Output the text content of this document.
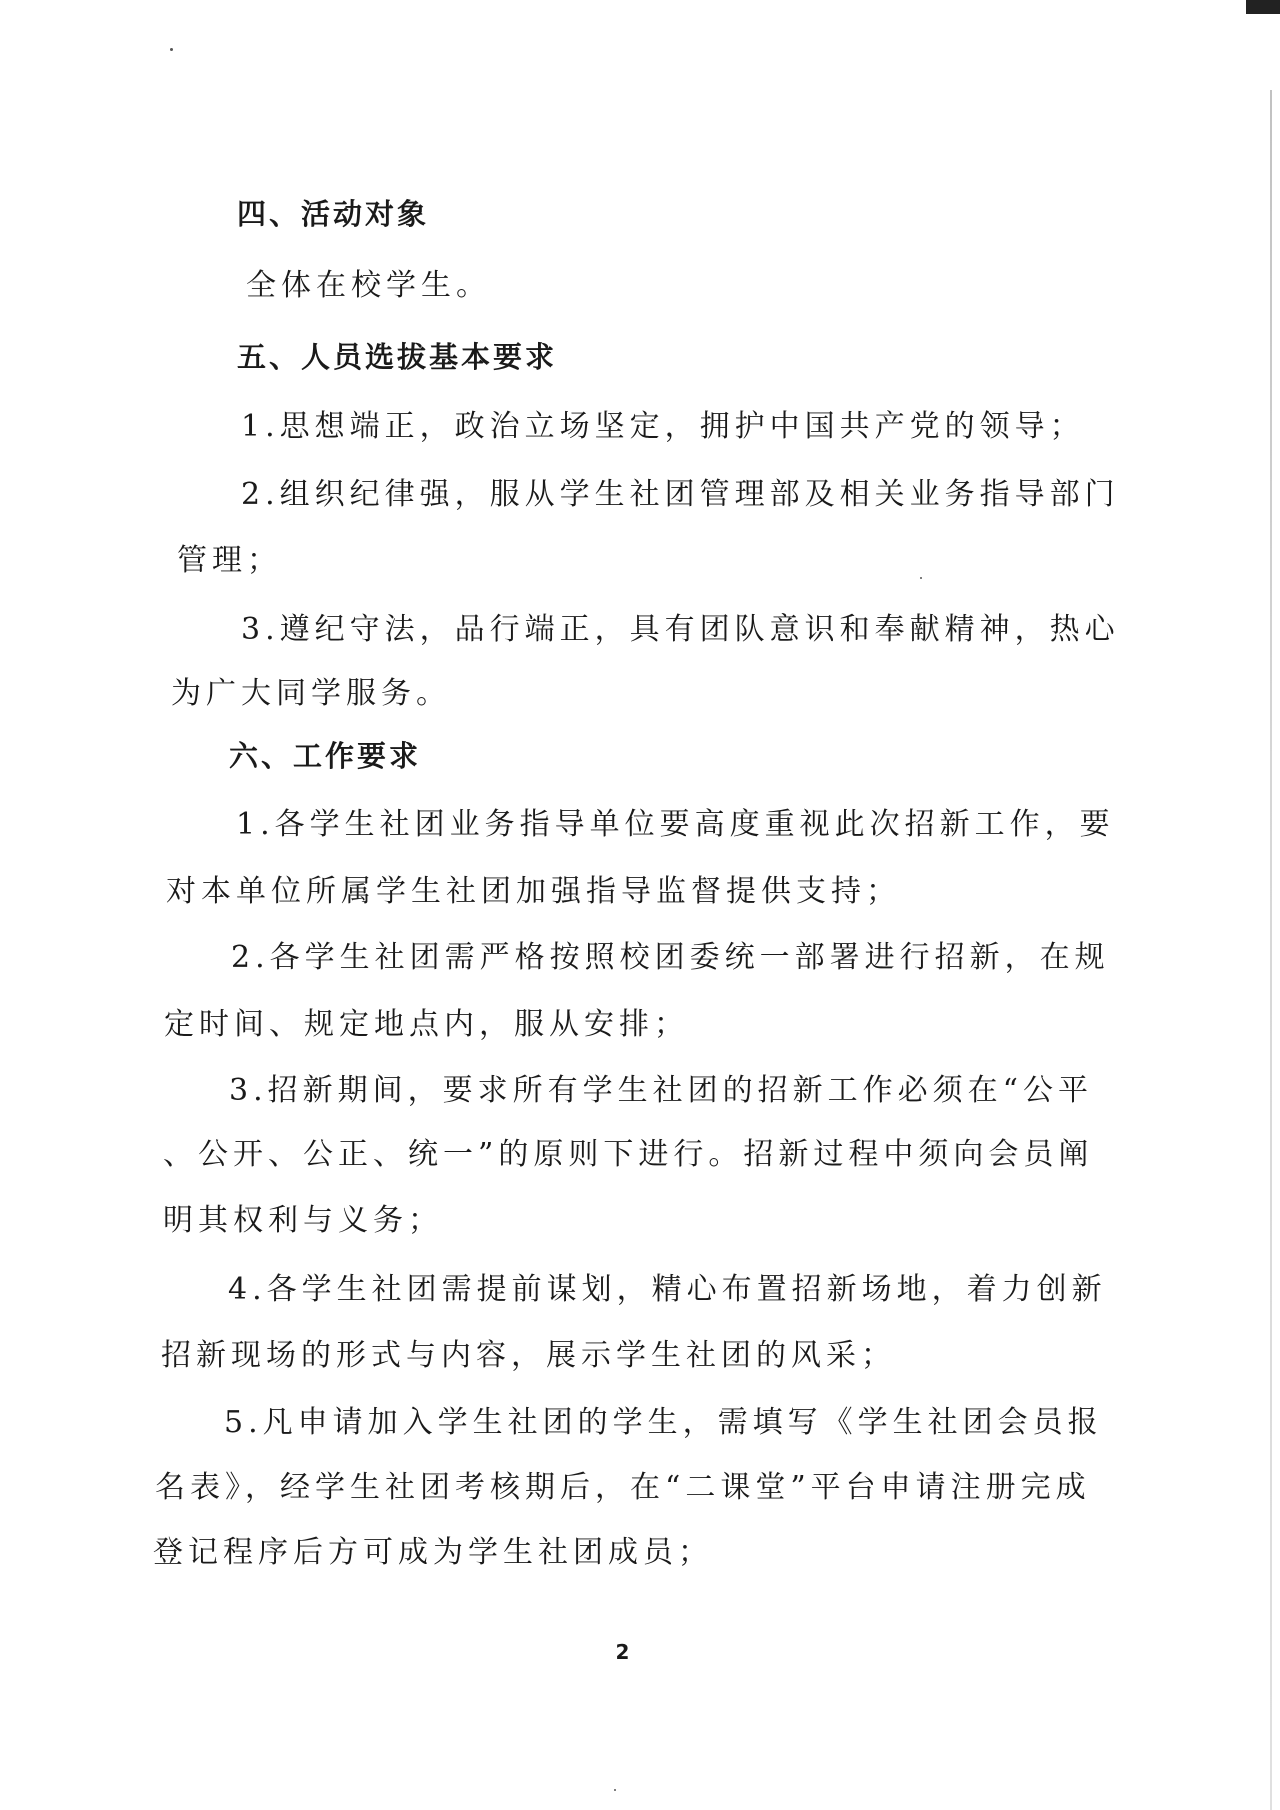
四、活动对象
全体在校学生。
五、人员选拔基本要求
1.思想端正，政治立场坚定，拥护中国共产党的领导；
2.组织纪律强，服从学生社团管理部及相关业务指导部门
管理；
3.遵纪守法，品行端正，具有团队意识和奉献精神，热心
为广大同学服务。
六、工作要求
1.各学生社团业务指导单位要高度重视此次招新工作，要
对本单位所属学生社团加强指导监督提供支持；
2.各学生社团需严格按照校团委统一部署进行招新，在规
定时间、规定地点内，服从安排；
3.招新期间，要求所有学生社团的招新工作必须在“公平
、公开、公正、统一”的原则下进行。招新过程中须向会员阐
明其权利与义务；
4.各学生社团需提前谋划，精心布置招新场地，着力创新
招新现场的形式与内容，展示学生社团的风采；
5.凡申请加入学生社团的学生，需填写《学生社团会员报
名表》，经学生社团考核期后，在“二课堂”平台申请注册完成
登记程序后方可成为学生社团成员；
2
